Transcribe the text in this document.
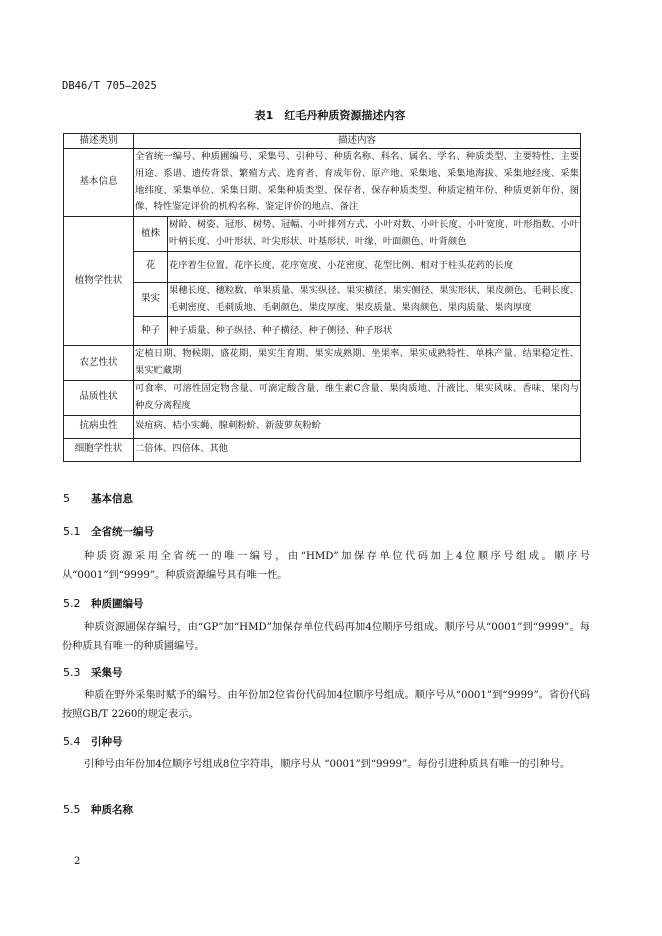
DB46/T 705—2025
表1　红毛丹种质资源描述内容
描述类别	描述内容	
基本信息	全省统一编号、种质圃编号、采集号、引种号、种质名称、科名、属名、学名、种质类型、主要特性、主要用途、系谱、遗传背景、繁殖方式、选育者、育成年份、原产地、采集地、采集地海拔、采集地经度、采集地纬度、采集单位、采集日期、采集种质类型、保存者、保存种质类型、种质定植年份、种质更新年份、图像、特性鉴定评价的机构名称、鉴定评价的地点、备注	
植物学性状	植株	树龄、树姿、冠形、树势、冠幅、小叶排列方式、小叶对数、小叶长度、小叶宽度、叶形指数、小叶叶柄长度、小叶形状、叶尖形状、叶基形状、叶缘、叶面颜色、叶背颜色
	花	花序着生位置、花序长度、花序宽度、小花密度、花型比例、相对于柱头花药的长度
	果实	果穗长度、穗粒数、单果质量、果实纵径、果实横径、果实侧径、果实形状、果皮颜色、毛刺长度、毛刺密度、毛刺质地、毛刺颜色、果皮厚度、果皮质量、果肉颜色、果肉质量、果肉厚度
	种子	种子质量、种子纵径、种子横径、种子侧径、种子形状
农艺性状	定植日期、物候期、盛花期、果实生育期、果实成熟期、坐果率、果实成熟特性、单株产量、结果稳定性、果实贮藏期	
品质性状	可食率、可溶性固定物含量、可滴定酸含量、维生素C含量、果肉质地、汁液比、果实风味、香味、果肉与种皮分离程度	
抗病虫性	炭疽病、桔小实蝇、腺刺粉蚧、新菠萝灰粉蚧	
细胞学性状	二倍体、四倍体、其他	
5 基本信息
5.1 全省统一编号
种质资源采用全省统一的唯一编号，由“HMD”加保存单位代码加上4位顺序号组成。顺序号从“0001”到“9999”。种质资源编号具有唯一性。
5.2 种质圃编号
种质资源圃保存编号，由“GP”加“HMD”加保存单位代码再加4位顺序号组成。顺序号从“0001”到“9999”。每份种质具有唯一的种质圃编号。
5.3 采集号
种质在野外采集时赋予的编号。由年份加2位省份代码加4位顺序号组成。顺序号从“0001”到“9999”。省份代码按照GB/T 2260的规定表示。
5.4 引种号
引种号由年份加4位顺序号组成8位字符串，顺序号从 “0001”到“9999”。每份引进种质具有唯一的引种号。
5.5 种质名称
2
